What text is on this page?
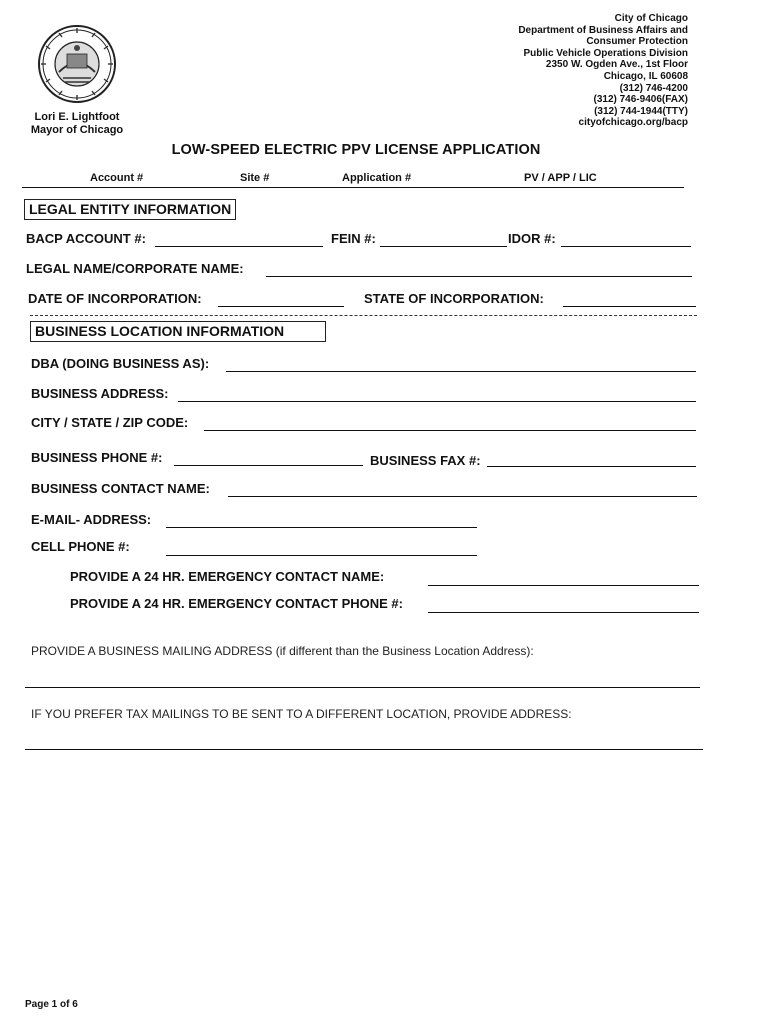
Lori E. Lightfoot
Mayor of Chicago
City of Chicago
Department of Business Affairs and
Consumer Protection
Public Vehicle Operations Division
2350 W. Ogden Ave., 1st Floor
Chicago, IL 60608
(312) 746-4200
(312) 746-9406(FAX)
(312) 744-1944(TTY)
cityofchicago.org/bacp
LOW-SPEED ELECTRIC PPV LICENSE APPLICATION
Account #	Site #	Application #	PV / APP / LIC
LEGAL ENTITY INFORMATION
BACP ACCOUNT #:	FEIN #:	IDOR #:
LEGAL NAME/CORPORATE NAME:
DATE OF INCORPORATION:	STATE OF INCORPORATION:
BUSINESS LOCATION INFORMATION
DBA (DOING BUSINESS AS):
BUSINESS ADDRESS:
CITY / STATE / ZIP CODE:
BUSINESS PHONE #:	BUSINESS FAX #:
BUSINESS CONTACT NAME:
E-MAIL- ADDRESS:
CELL PHONE #:
PROVIDE A 24 HR. EMERGENCY CONTACT NAME:
PROVIDE A 24 HR. EMERGENCY CONTACT PHONE #:
PROVIDE A BUSINESS MAILING ADDRESS (if different than the Business Location Address):
IF YOU PREFER TAX MAILINGS TO BE SENT TO A DIFFERENT LOCATION, PROVIDE ADDRESS:
Page 1 of 6
